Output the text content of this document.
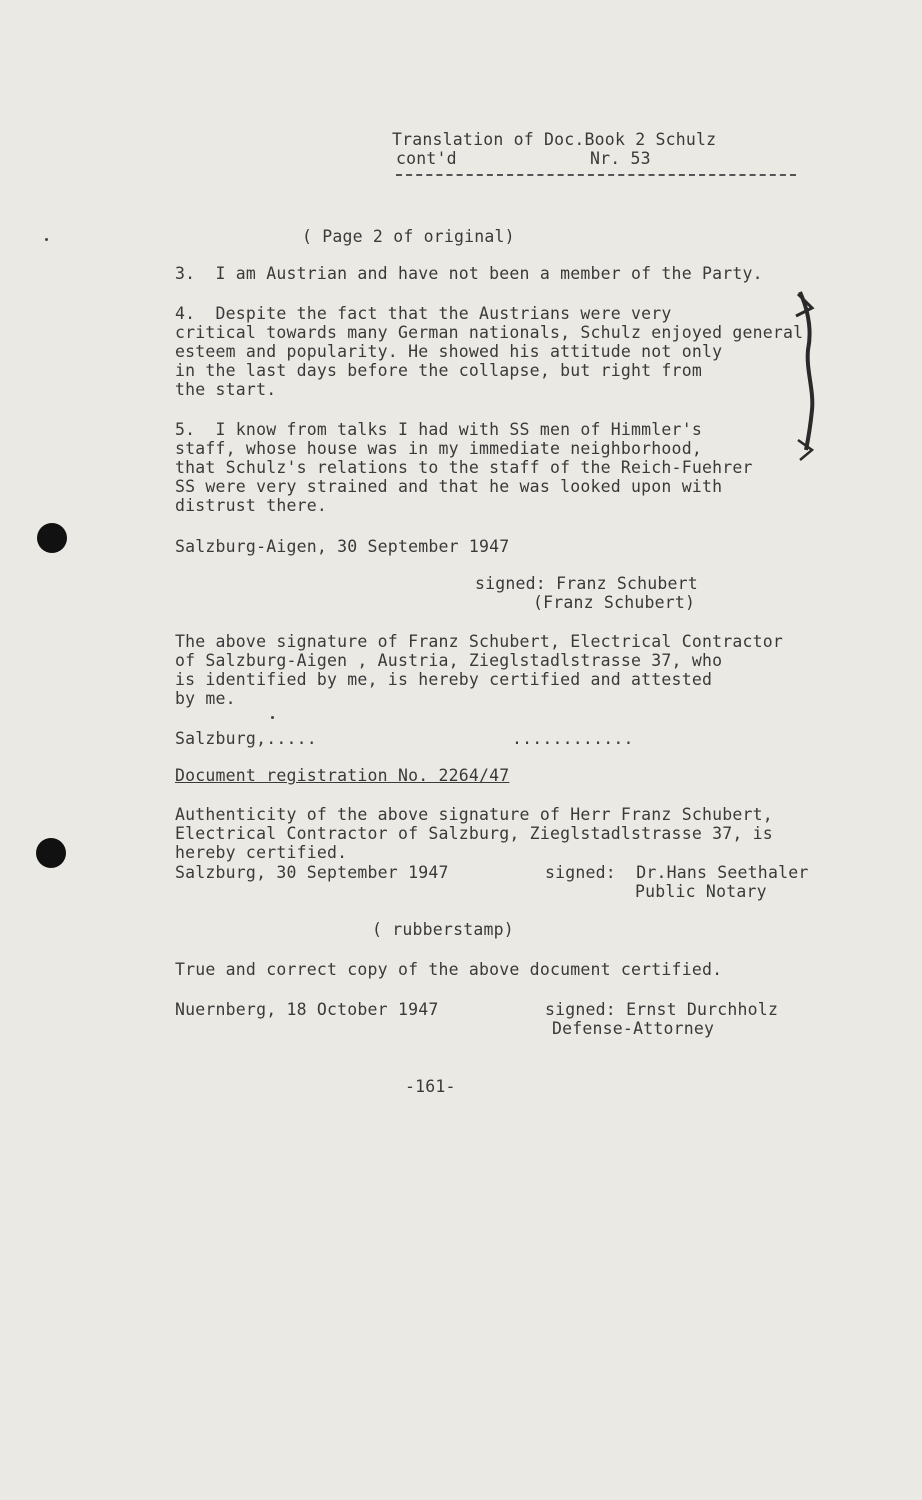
Translation of Doc.Book 2 Schulz
cont'd	Nr. 53
( Page 2 of original)
3.  I am Austrian and have not been a member of the Party.
4.  Despite the fact that the Austrians were very
critical towards many German nationals, Schulz enjoyed general
esteem and popularity. He showed his attitude not only
in the last days before the collapse, but right from
the start.
5.  I know from talks I had with SS men of Himmler's
staff, whose house was in my immediate neighborhood,
that Schulz's relations to the staff of the Reich-Fuehrer
SS were very strained and that he was looked upon with
distrust there.
Salzburg-Aigen, 30 September 1947
signed: Franz Schubert
(Franz Schubert)
The above signature of Franz Schubert, Electrical Contractor
of Salzburg-Aigen , Austria, Zieglstadlstrasse 37, who
is identified by me, is hereby certified and attested
by me.
Salzburg,.....	............
Document registration No. 2264/47
Authenticity of the above signature of Herr Franz Schubert,
Electrical Contractor of Salzburg, Zieglstadlstrasse 37, is
hereby certified.
Salzburg, 30 September 1947	signed:  Dr.Hans Seethaler
Public Notary
( rubberstamp)
True and correct copy of the above document certified.
Nuernberg, 18 October 1947	signed: Ernst Durchholz
Defense-Attorney
-161-
